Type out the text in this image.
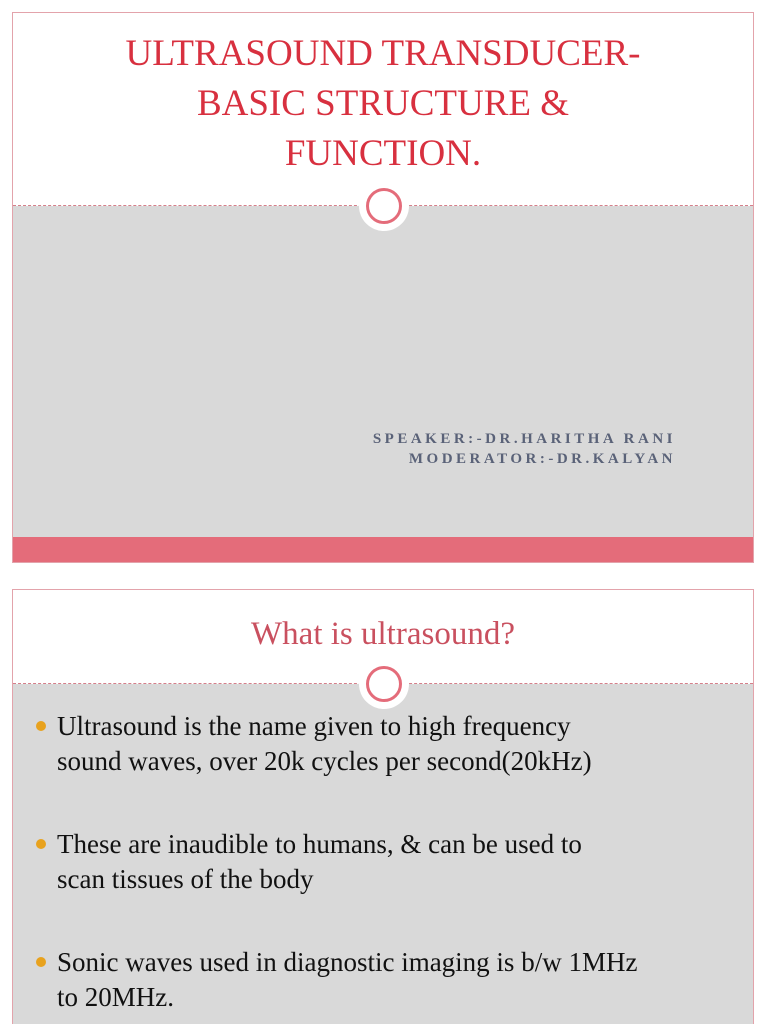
ULTRASOUND TRANSDUCER-
BASIC STRUCTURE &
FUNCTION.
SPEAKER:-DR.HARITHA RANI
MODERATOR:-DR.KALYAN
What is ultrasound?
Ultrasound is the name given to high frequency
sound waves, over 20k cycles per second(20kHz)
These are inaudible to humans, & can be used to
scan tissues of the body
Sonic waves used in diagnostic imaging is b/w 1MHz
to 20MHz.
